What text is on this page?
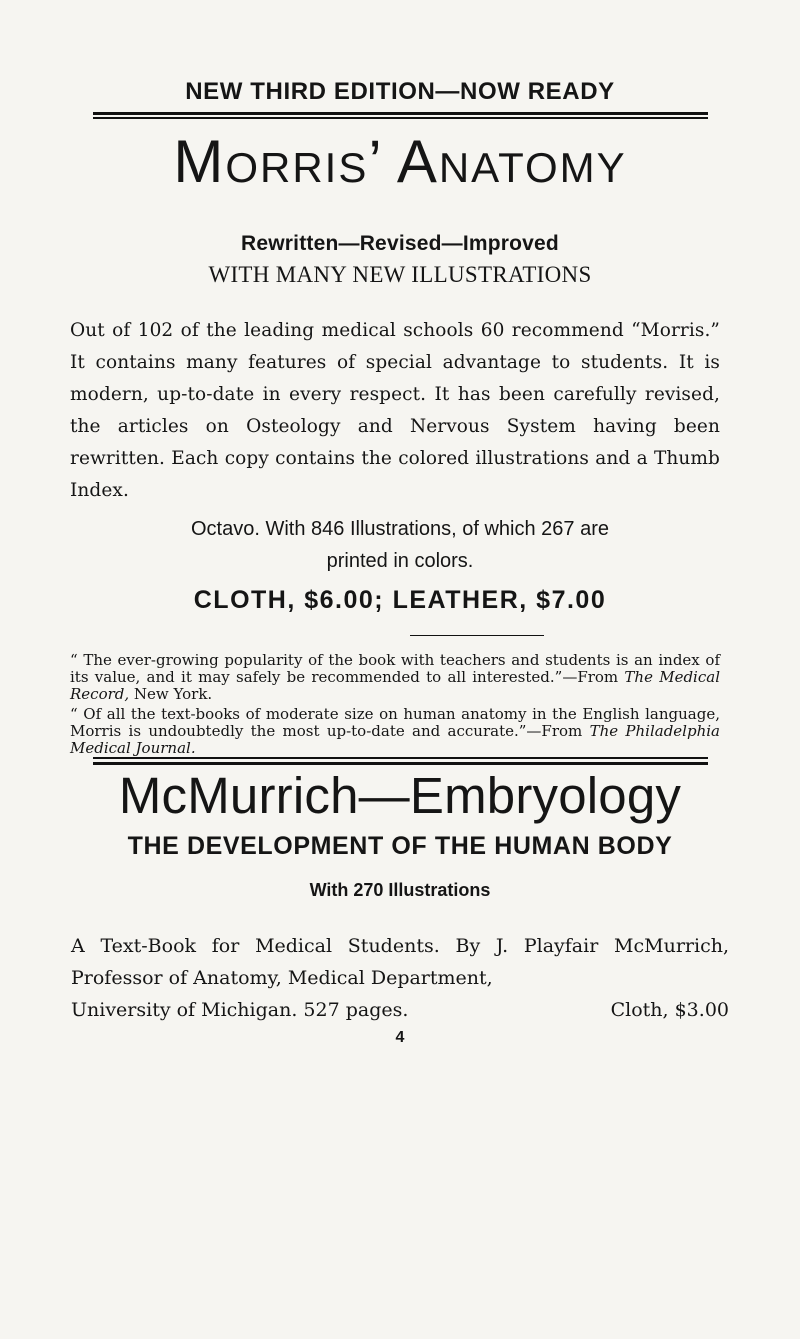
NEW THIRD EDITION—NOW READY
Morris’ Anatomy
Rewritten—Revised—Improved
WITH MANY NEW ILLUSTRATIONS
Out of 102 of the leading medical schools 60 recommend “Morris.” It contains many features of special advantage to students. It is modern, up-to-date in every respect. It has been carefully revised, the articles on Osteology and Nervous System having been rewritten. Each copy contains the colored illustrations and a Thumb Index.
Octavo. With 846 Illustrations, of which 267 are
printed in colors.
CLOTH, $6.00; LEATHER, $7.00
“ The ever-growing popularity of the book with teachers and students is an index of its value, and it may safely be recommended to all interested.”—From The Medical Record, New York.
“ Of all the text-books of moderate size on human anatomy in the English language, Morris is undoubtedly the most up-to-date and accurate.”—From The Philadelphia Medical Journal.
McMurrich—Embryology
THE DEVELOPMENT OF THE HUMAN BODY
With 270 Illustrations
A Text-Book for Medical Students. By J. Playfair McMurrich, Professor of Anatomy, Medical Department,
University of Michigan. 527 pages.	Cloth, $3.00
4
